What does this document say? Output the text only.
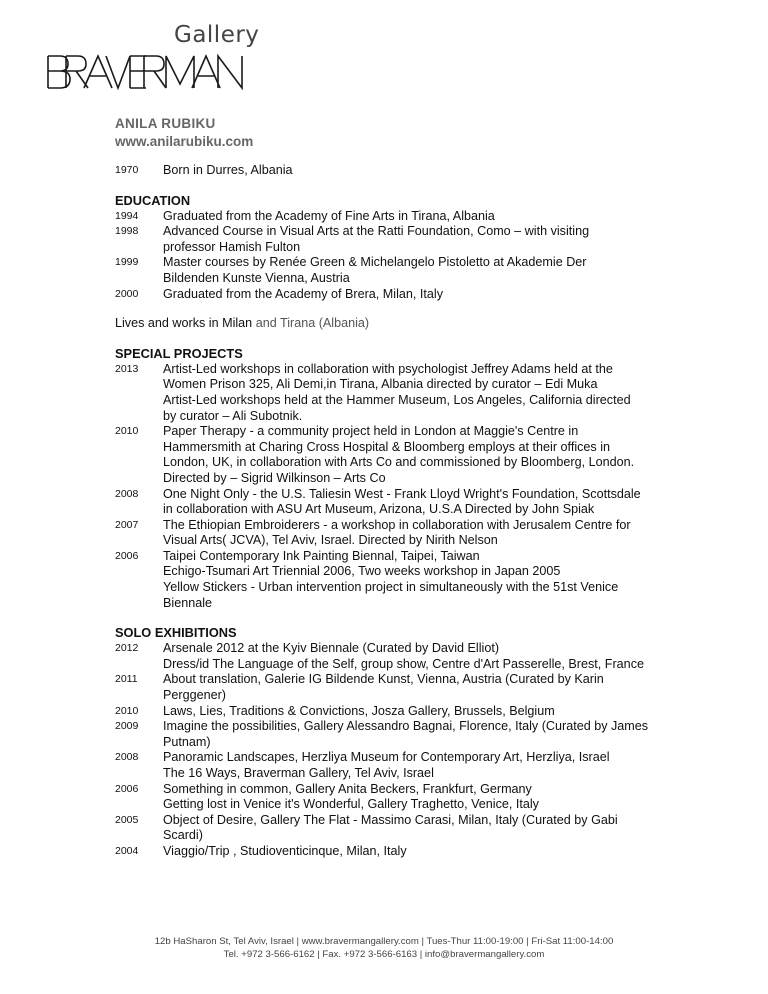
Gallery
ANILA RUBIKU
www.anilarubiku.com
1970	Born in Durres, Albania
EDUCATION
1994	Graduated from the Academy of Fine Arts in Tirana, Albania
1998	Advanced Course in Visual Arts at the Ratti Foundation, Como – with visiting
professor Hamish Fulton
1999	Master courses by Renée Green & Michelangelo Pistoletto at Akademie Der
Bildenden Kunste Vienna, Austria
2000	Graduated from the Academy of Brera, Milan, Italy
Lives and works in Milan and Tirana (Albania)
SPECIAL PROJECTS
2013	Artist-Led workshops in collaboration with psychologist Jeffrey Adams held at the
Women Prison 325, Ali Demi,in Tirana, Albania directed by curator – Edi Muka
Artist-Led workshops held at the Hammer Museum, Los Angeles, California directed
by curator – Ali Subotnik.
2010	Paper Therapy - a community project held in London at Maggie's Centre in
Hammersmith at Charing Cross Hospital & Bloomberg employs at their offices in
London, UK, in collaboration with Arts Co and commissioned by Bloomberg, London.
Directed by – Sigrid Wilkinson – Arts Co
2008	One Night Only - the U.S. Taliesin West - Frank Lloyd Wright's Foundation, Scottsdale
in collaboration with ASU Art Museum, Arizona, U.S.A Directed by John Spiak
2007	The Ethiopian Embroiderers - a workshop in collaboration with Jerusalem Centre for
Visual Arts( JCVA), Tel Aviv, Israel. Directed by Nirith Nelson
2006	Taipei Contemporary Ink Painting Biennal, Taipei, Taiwan
Echigo-Tsumari Art Triennial 2006, Two weeks workshop in Japan 2005
Yellow Stickers - Urban intervention project in simultaneously with the 51st Venice
Biennale
SOLO EXHIBITIONS
2012	Arsenale 2012 at the Kyiv Biennale (Curated by David Elliot)
Dress/id The Language of the Self, group show, Centre d'Art Passerelle, Brest, France
2011	About translation, Galerie IG Bildende Kunst, Vienna, Austria (Curated by Karin
Perggener)
2010	Laws, Lies, Traditions & Convictions, Josza Gallery, Brussels, Belgium
2009	Imagine the possibilities, Gallery Alessandro Bagnai, Florence, Italy (Curated by James
Putnam)
2008	Panoramic Landscapes, Herzliya Museum for Contemporary Art, Herzliya, Israel
The 16 Ways, Braverman Gallery, Tel Aviv, Israel
2006	Something in common, Gallery Anita Beckers, Frankfurt, Germany
Getting lost in Venice it's Wonderful, Gallery Traghetto, Venice, Italy
2005	Object of Desire, Gallery The Flat - Massimo Carasi, Milan, Italy (Curated by Gabi
Scardi)
2004	Viaggio/Trip , Studioventicinque, Milan, Italy
12b HaSharon St, Tel Aviv, Israel | www.bravermangallery.com | Tues-Thur 11:00-19:00 | Fri-Sat 11:00-14:00
Tel. +972 3-566-6162 | Fax. +972 3-566-6163 | info@bravermangallery.com
